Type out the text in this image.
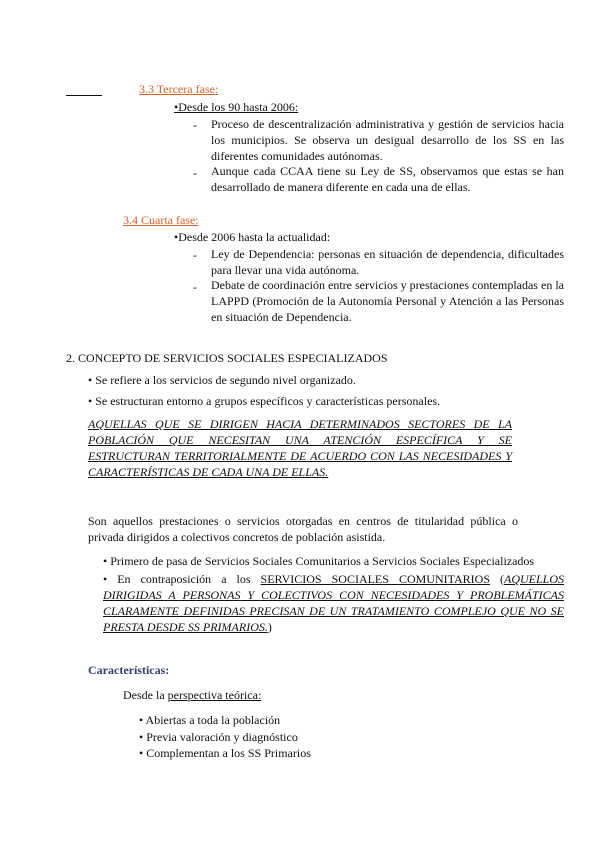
3.3 Tercera fase:
•Desde los 90 hasta 2006:
- Proceso de descentralización administrativa y gestión de servicios hacia los municipios. Se observa un desigual desarrollo de los SS en las diferentes comunidades autónomas.
- Aunque cada CCAA tiene su Ley de SS, observamos que estas se han desarrollado de manera diferente en cada una de ellas.
3.4 Cuarta fase:
•Desde 2006 hasta la actualidad:
- Ley de Dependencia: personas en situación de dependencia, dificultades para llevar una vida autónoma.
- Debate de coordinación entre servicios y prestaciones contempladas en la LAPPD (Promoción de la Autonomía Personal y Atención a las Personas en situación de Dependencia.
2. CONCEPTO DE SERVICIOS SOCIALES ESPECIALIZADOS
• Se refiere a los servicios de segundo nivel organizado.
• Se estructuran entorno a grupos específicos y características personales.
AQUELLAS QUE SE DIRIGEN HACIA DETERMINADOS SECTORES DE LA POBLACIÓN QUE NECESITAN UNA ATENCIÓN ESPECÍFICA Y SE ESTRUCTURAN TERRITORIALMENTE DE ACUERDO CON LAS NECESIDADES Y CARACTERÍSTICAS DE CADA UNA DE ELLAS.
Son aquellos prestaciones o servicios otorgadas en centros de titularidad pública o privada dirigidos a colectivos concretos de población asistida.
• Primero de pasa de Servicios Sociales Comunitarios a Servicios Sociales Especializados
• En contraposición a los SERVICIOS SOCIALES COMUNITARIOS (AQUELLOS DIRIGIDAS A PERSONAS Y COLECTIVOS CON NECESIDADES Y PROBLEMÁTICAS CLARAMENTE DEFINIDAS PRECISAN DE UN TRATAMIENTO COMPLEJO QUE NO SE PRESTA DESDE SS PRIMARIOS.)
Características:
Desde la perspectiva teórica:
• Abiertas a toda la población
• Previa valoración y diagnóstico
• Complementan a los SS Primarios
